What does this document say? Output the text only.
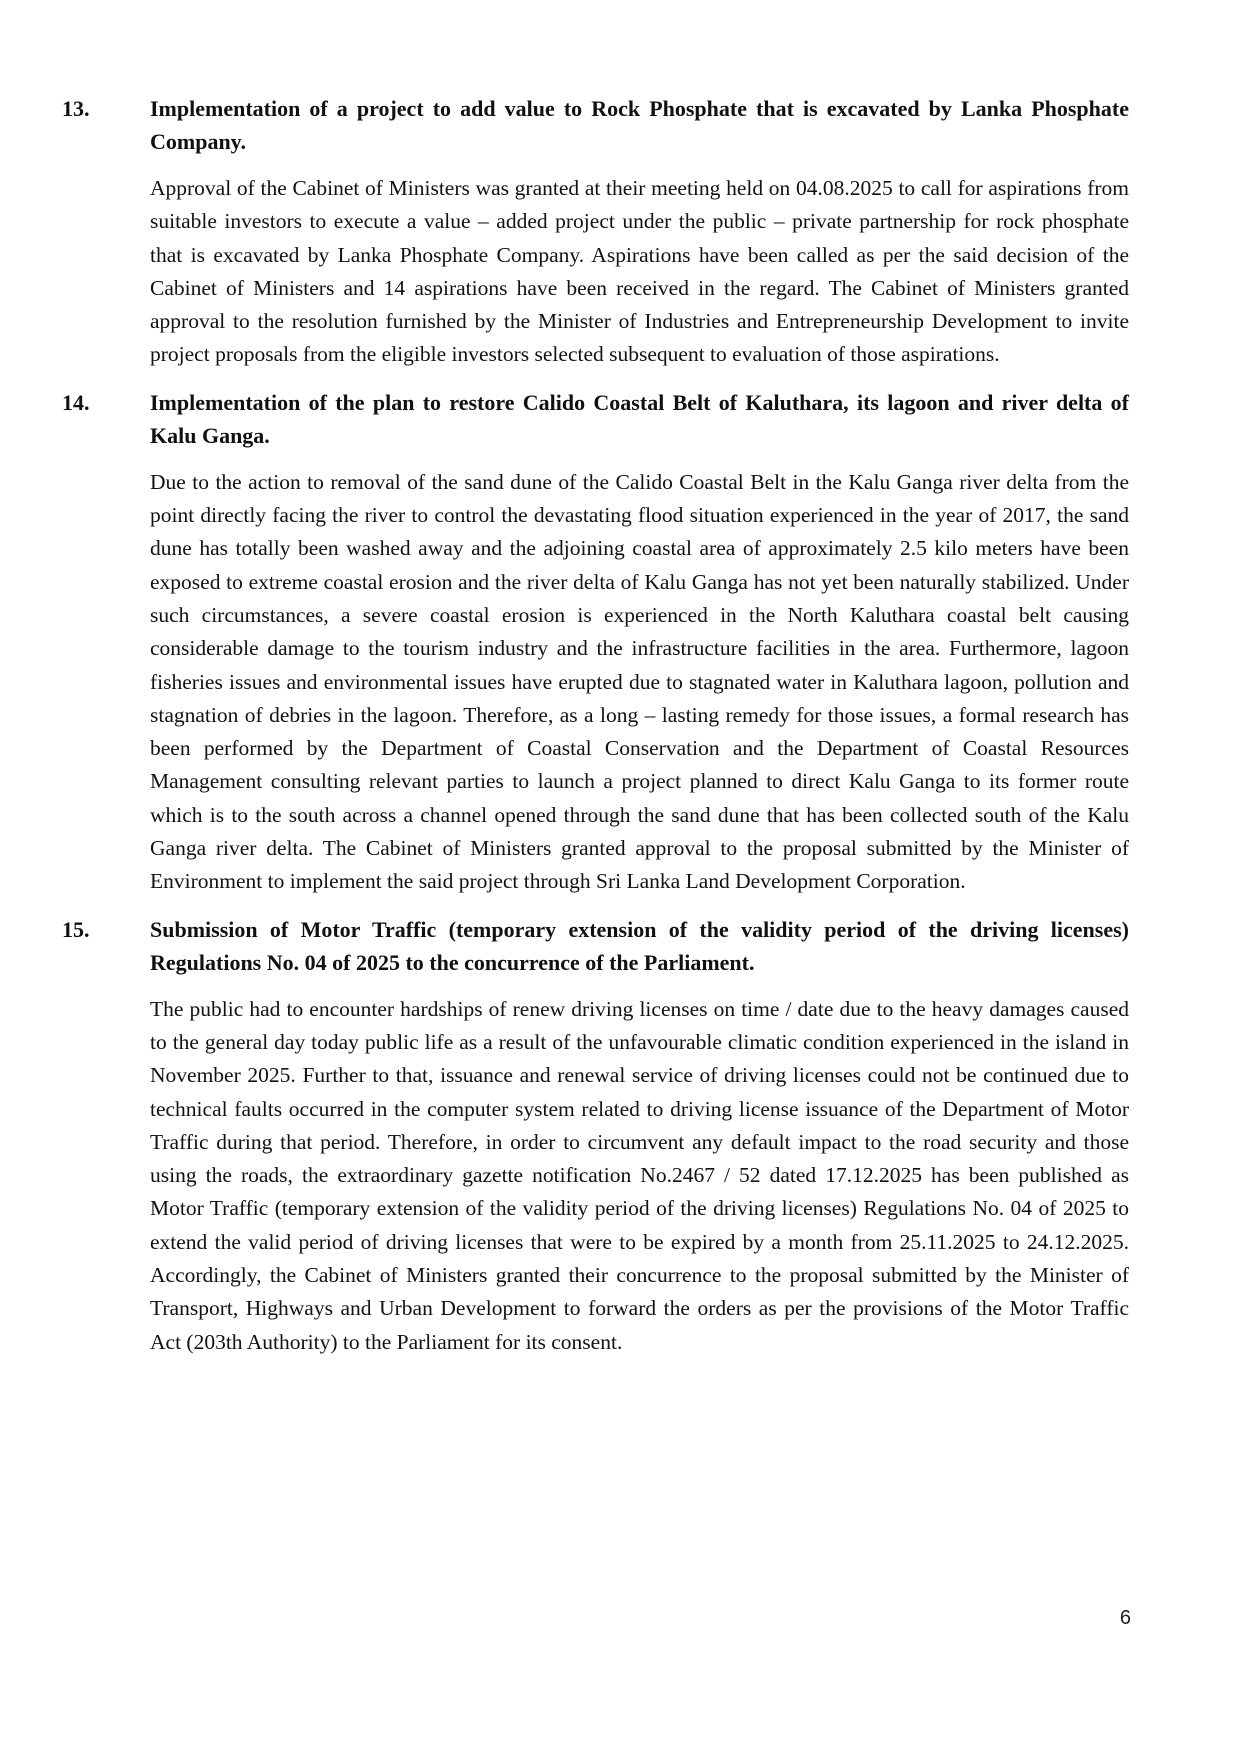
13.	Implementation of a project to add value to Rock Phosphate that is excavated by Lanka Phosphate Company.
Approval of the Cabinet of Ministers was granted at their meeting held on 04.08.2025 to call for aspirations from suitable investors to execute a value – added project under the public – private partnership for rock phosphate that is excavated by Lanka Phosphate Company. Aspirations have been called as per the said decision of the Cabinet of Ministers and 14 aspirations have been received in the regard. The Cabinet of Ministers granted approval to the resolution furnished by the Minister of Industries and Entrepreneurship Development to invite project proposals from the eligible investors selected subsequent to evaluation of those aspirations.
14.	Implementation of the plan to restore Calido Coastal Belt of Kaluthara, its lagoon and river delta of Kalu Ganga.
Due to the action to removal of the sand dune of the Calido Coastal Belt in the Kalu Ganga river delta from the point directly facing the river to control the devastating flood situation experienced in the year of 2017, the sand dune has totally been washed away and the adjoining coastal area of approximately 2.5 kilo meters have been exposed to extreme coastal erosion and the river delta of Kalu Ganga has not yet been naturally stabilized. Under such circumstances, a severe coastal erosion is experienced in the North Kaluthara coastal belt causing considerable damage to the tourism industry and the infrastructure facilities in the area. Furthermore, lagoon fisheries issues and environmental issues have erupted due to stagnated water in Kaluthara lagoon, pollution and stagnation of debries in the lagoon. Therefore, as a long – lasting remedy for those issues, a formal research has been performed by the Department of Coastal Conservation and the Department of Coastal Resources Management consulting relevant parties to launch a project planned to direct Kalu Ganga to its former route which is to the south across a channel opened through the sand dune that has been collected south of the Kalu Ganga river delta. The Cabinet of Ministers granted approval to the proposal submitted by the Minister of Environment to implement the said project through Sri Lanka Land Development Corporation.
15.	Submission of Motor Traffic (temporary extension of the validity period of the driving licenses) Regulations No. 04 of 2025 to the concurrence of the Parliament.
The public had to encounter hardships of renew driving licenses on time / date due to the heavy damages caused to the general day today public life as a result of the unfavourable climatic condition experienced in the island in November 2025. Further to that, issuance and renewal service of driving licenses could not be continued due to technical faults occurred in the computer system related to driving license issuance of the Department of Motor Traffic during that period. Therefore, in order to circumvent any default impact to the road security and those using the roads, the extraordinary gazette notification No.2467 / 52 dated 17.12.2025 has been published as Motor Traffic (temporary extension of the validity period of the driving licenses) Regulations No. 04 of 2025 to extend the valid period of driving licenses that were to be expired by a month from 25.11.2025 to 24.12.2025. Accordingly, the Cabinet of Ministers granted their concurrence to the proposal submitted by the Minister of Transport, Highways and Urban Development to forward the orders as per the provisions of the Motor Traffic Act (203th Authority) to the Parliament for its consent.
6
